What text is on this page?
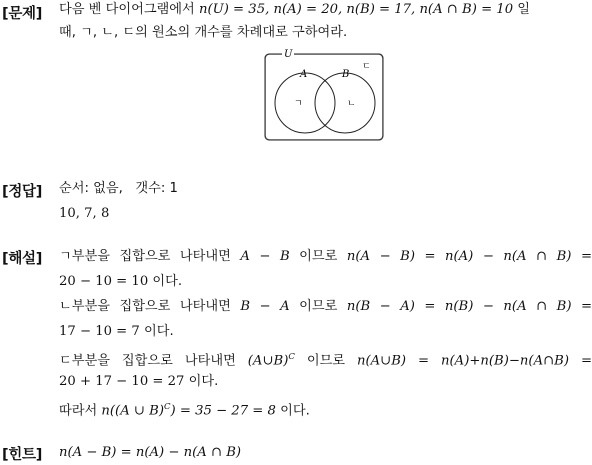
[문제] 다음 벤 다이어그램에서 n(U) = 35, n(A) = 20, n(B) = 17, n(A ∩ B) = 10 일
때, ㄱ, ㄴ, ㄷ의 원소의 개수를 차례대로 구하여라.
U
A	B
ㄱ	ㄴ
ㄷ
[정답] 순서: 없음,   갯수: 1
10, 7, 8
[해설] ㄱ부분을 집합으로 나타내면 A − B 이므로 n(A − B) = n(A) − n(A ∩ B) =
20 − 10 = 10 이다.
ㄴ부분을 집합으로 나타내면 B − A 이므로 n(B − A) = n(B) − n(A ∩ B) =
17 − 10 = 7 이다.
ㄷ부분을 집합으로 나타내면 (A∪B)$^C$ 이므로 n(A∪B) = n(A)+n(B)−n(A∩B) =
20 + 17 − 10 = 27 이다.
따라서 n((A ∪ B)$^C$) = 35 − 27 = 8 이다.
[힌트] n(A − B) = n(A) − n(A ∩ B)
